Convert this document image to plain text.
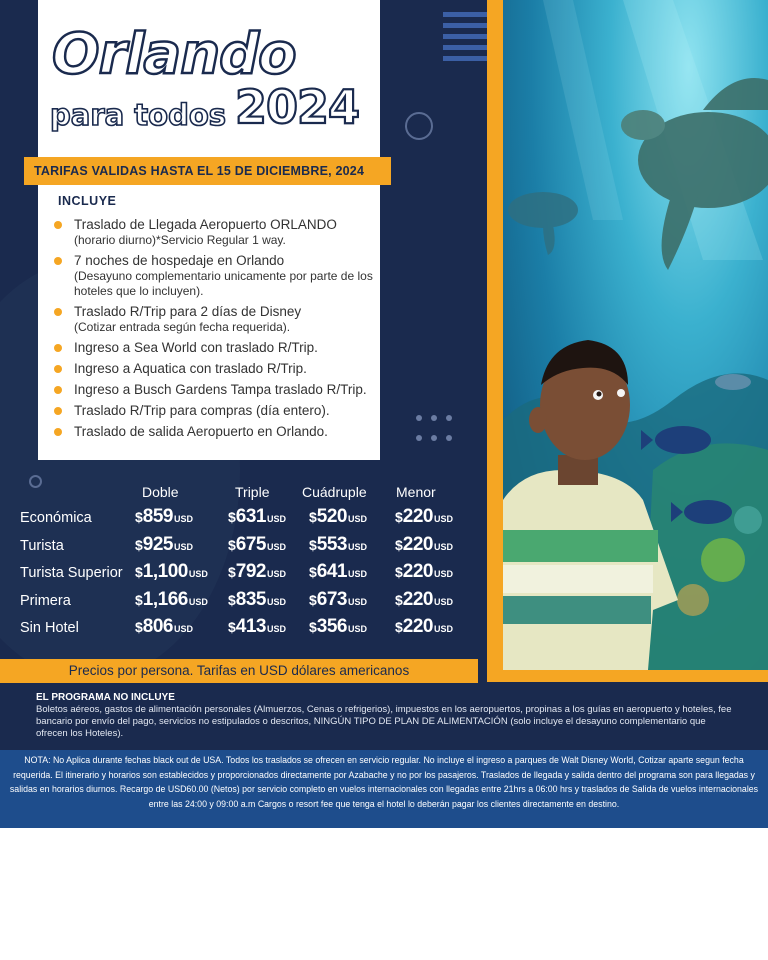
Orlando
para todos 2024
TARIFAS VALIDAS HASTA EL 15 DE DICIEMBRE, 2024
INCLUYE
Traslado de Llegada Aeropuerto ORLANDO
(horario diurno)*Servicio Regular 1 way.
7 noches de hospedaje en Orlando
(Desayuno complementario unicamente por parte de los hoteles que lo incluyen).
Traslado R/Trip para 2 días de Disney
(Cotizar entrada según fecha requerida).
Ingreso a Sea World con traslado R/Trip.
Ingreso a Aquatica con traslado R/Trip.
Ingreso a Busch Gardens Tampa traslado R/Trip.
Traslado R/Trip para compras (día entero).
Traslado de salida Aeropuerto en Orlando.
Doble	Triple Cuádruple Menor
Económica	$859USD $631USD $520USD $220USD
Turista	$925USD $675USD $553USD $220USD
Turista Superior $1,100USD $792USD $641USD $220USD
Primera	$1,166USD $835USD $673USD $220USD
Sin Hotel	$806USD $413USD $356USD $220USD
Precios por persona. Tarifas en USD dólares americanos
EL PROGRAMA NO INCLUYE
Boletos aéreos, gastos de alimentación personales (Almuerzos, Cenas o refrigerios), impuestos en los aeropuertos, propinas a los guías en aeropuerto y hoteles, fee bancario por envío del pago, servicios no estipulados o descritos, NINGÚN TIPO DE PLAN DE ALIMENTACIÓN (solo incluye el desayuno complementario que ofrecen los Hoteles).
NOTA: No Aplica durante fechas black out de USA. Todos los traslados se ofrecen en servicio regular. No incluye el ingreso a parques de Walt Disney World, Cotizar aparte segun fecha requerida. El itinerario y horarios son establecidos y proporcionados directamente por Azabache y no por los pasajeros. Traslados de llegada y salida dentro del programa son para llegadas y salidas en horarios diurnos. Recargo de USD60.00 (Netos) por servicio completo en vuelos internacionales con llegadas entre 21hrs a 06:00 hrs y traslados de Salida de vuelos internacionales entre las 24:00 y 09:00 a.m Cargos o resort fee que tenga el hotel lo deberán pagar los clientes directamente en destino.
